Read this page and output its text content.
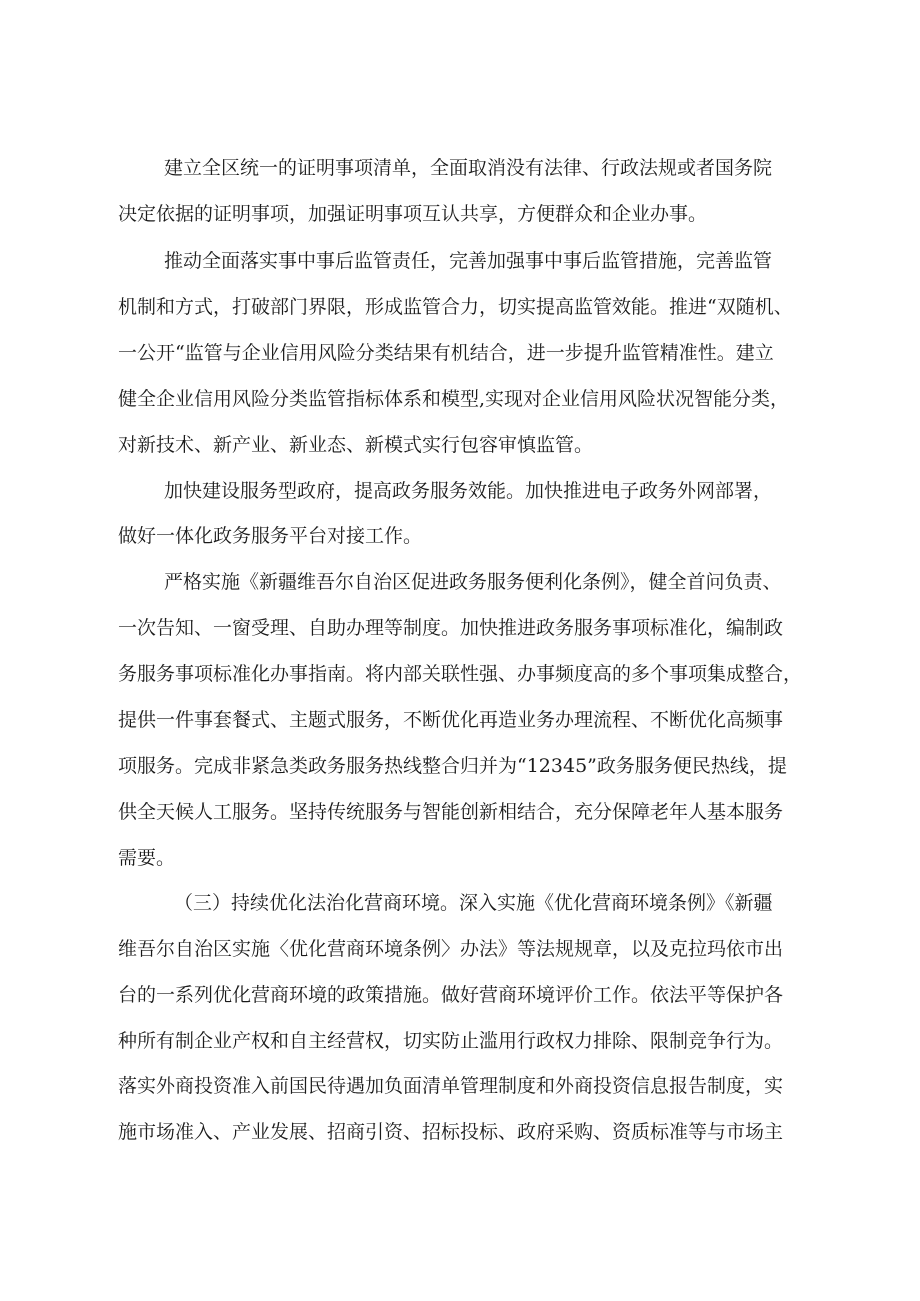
建立全区统一的证明事项清单，全面取消没有法律、行政法规或者国务院
决定依据的证明事项，加强证明事项互认共享，方便群众和企业办事。
推动全面落实事中事后监管责任，完善加强事中事后监管措施，完善监管
机制和方式，打破部门界限，形成监管合力，切实提高监管效能。推进“双随机、
一公开“监管与企业信用风险分类结果有机结合，进一步提升监管精准性。建立
健全企业信用风险分类监管指标体系和模型,实现对企业信用风险状况智能分类，
对新技术、新产业、新业态、新模式实行包容审慎监管。
加快建设服务型政府，提高政务服务效能。加快推进电子政务外网部署，
做好一体化政务服务平台对接工作。
严格实施《新疆维吾尔自治区促进政务服务便利化条例》，健全首问负责、
一次告知、一窗受理、自助办理等制度。加快推进政务服务事项标准化，编制政
务服务事项标准化办事指南。将内部关联性强、办事频度高的多个事项集成整合，
提供一件事套餐式、主题式服务，不断优化再造业务办理流程、不断优化高频事
项服务。完成非紧急类政务服务热线整合归并为“12345”政务服务便民热线，提
供全天候人工服务。坚持传统服务与智能创新相结合，充分保障老年人基本服务
需要。
（三）持续优化法治化营商环境。深入实施《优化营商环境条例》《新疆
维吾尔自治区实施〈优化营商环境条例〉办法》等法规规章，以及克拉玛依市出
台的一系列优化营商环境的政策措施。做好营商环境评价工作。依法平等保护各
种所有制企业产权和自主经营权，切实防止滥用行政权力排除、限制竞争行为。
落实外商投资准入前国民待遇加负面清单管理制度和外商投资信息报告制度，实
施市场准入、产业发展、招商引资、招标投标、政府采购、资质标准等与市场主
